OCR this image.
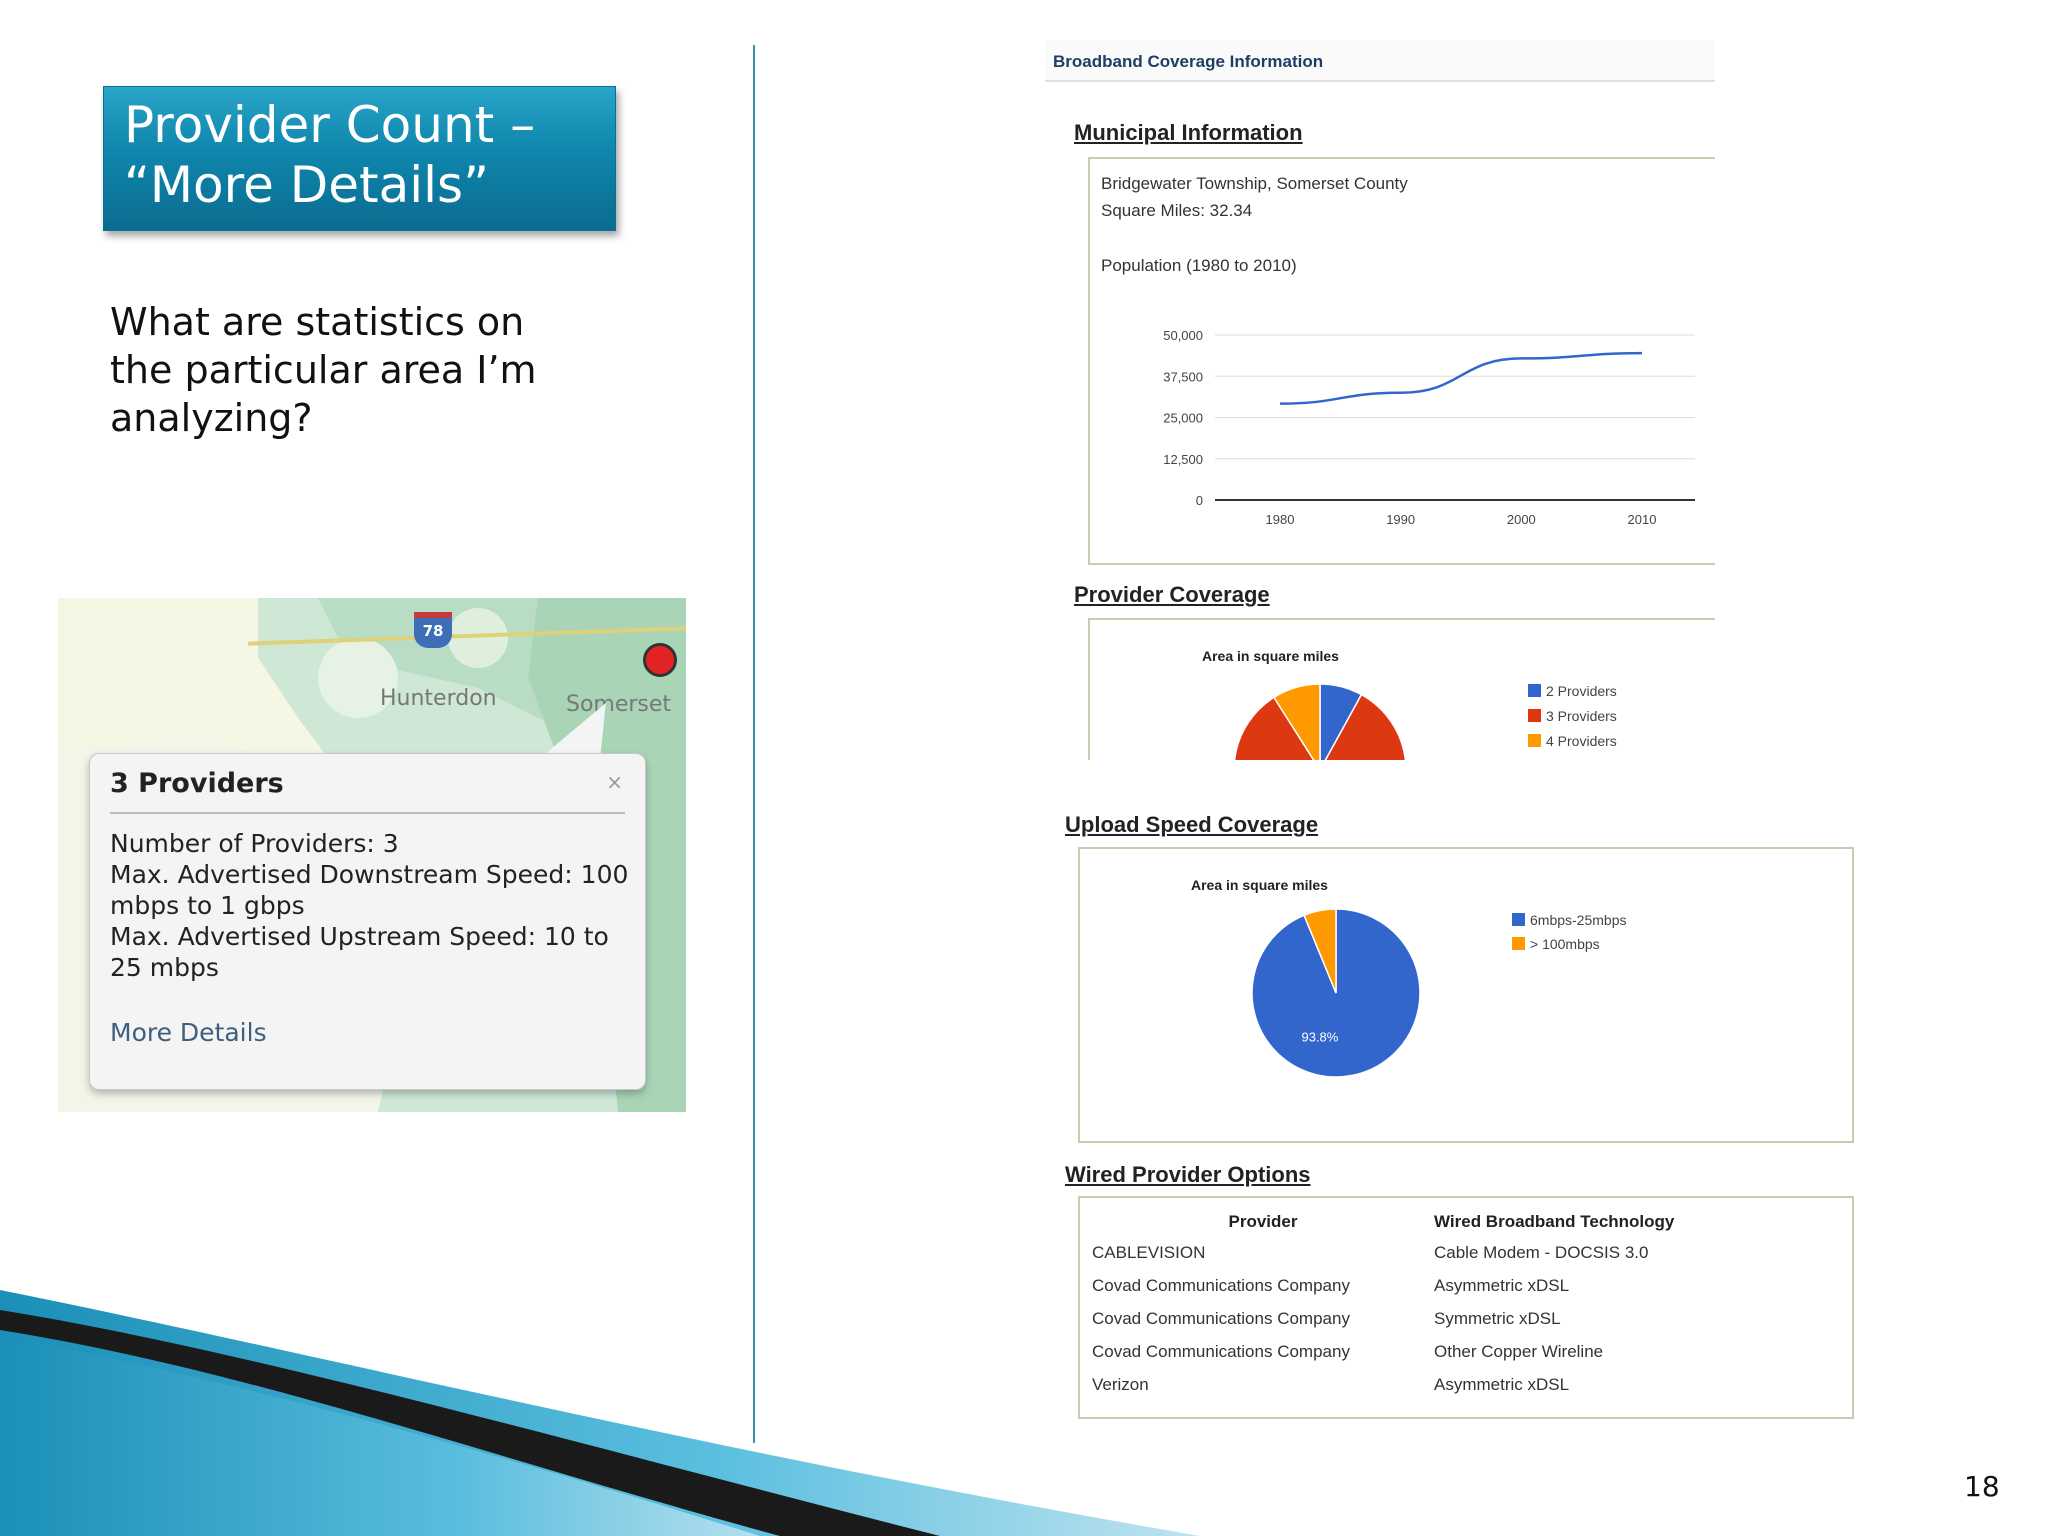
Provider Count –
“More Details”
What are statistics on the particular area I’m analyzing?
78
Hunterdon	Somerset
3 Providers	×
Number of Providers: 3
Max. Advertised Downstream Speed: 100 mbps to 1 gbps
Max. Advertised Upstream Speed: 10 to 25 mbps
More Details
Broadband Coverage Information
Municipal Information
Bridgewater Township, Somerset County
Square Miles: 32.34
Population (1980 to 2010)
0
12,500
25,000
37,500
50,000
1980	1990	2000	2010
Provider Coverage
Area in square miles
2 Providers
3 Providers
4 Providers
Upload Speed Coverage
Area in square miles
93.8%
6mbps-25mbps
> 100mbps
Wired Provider Options
Provider	Wired Broadband Technology
CABLEVISION	Cable Modem - DOCSIS 3.0
Covad Communications Company	Asymmetric xDSL
Covad Communications Company	Symmetric xDSL
Covad Communications Company	Other Copper Wireline
Verizon	Asymmetric xDSL
18
